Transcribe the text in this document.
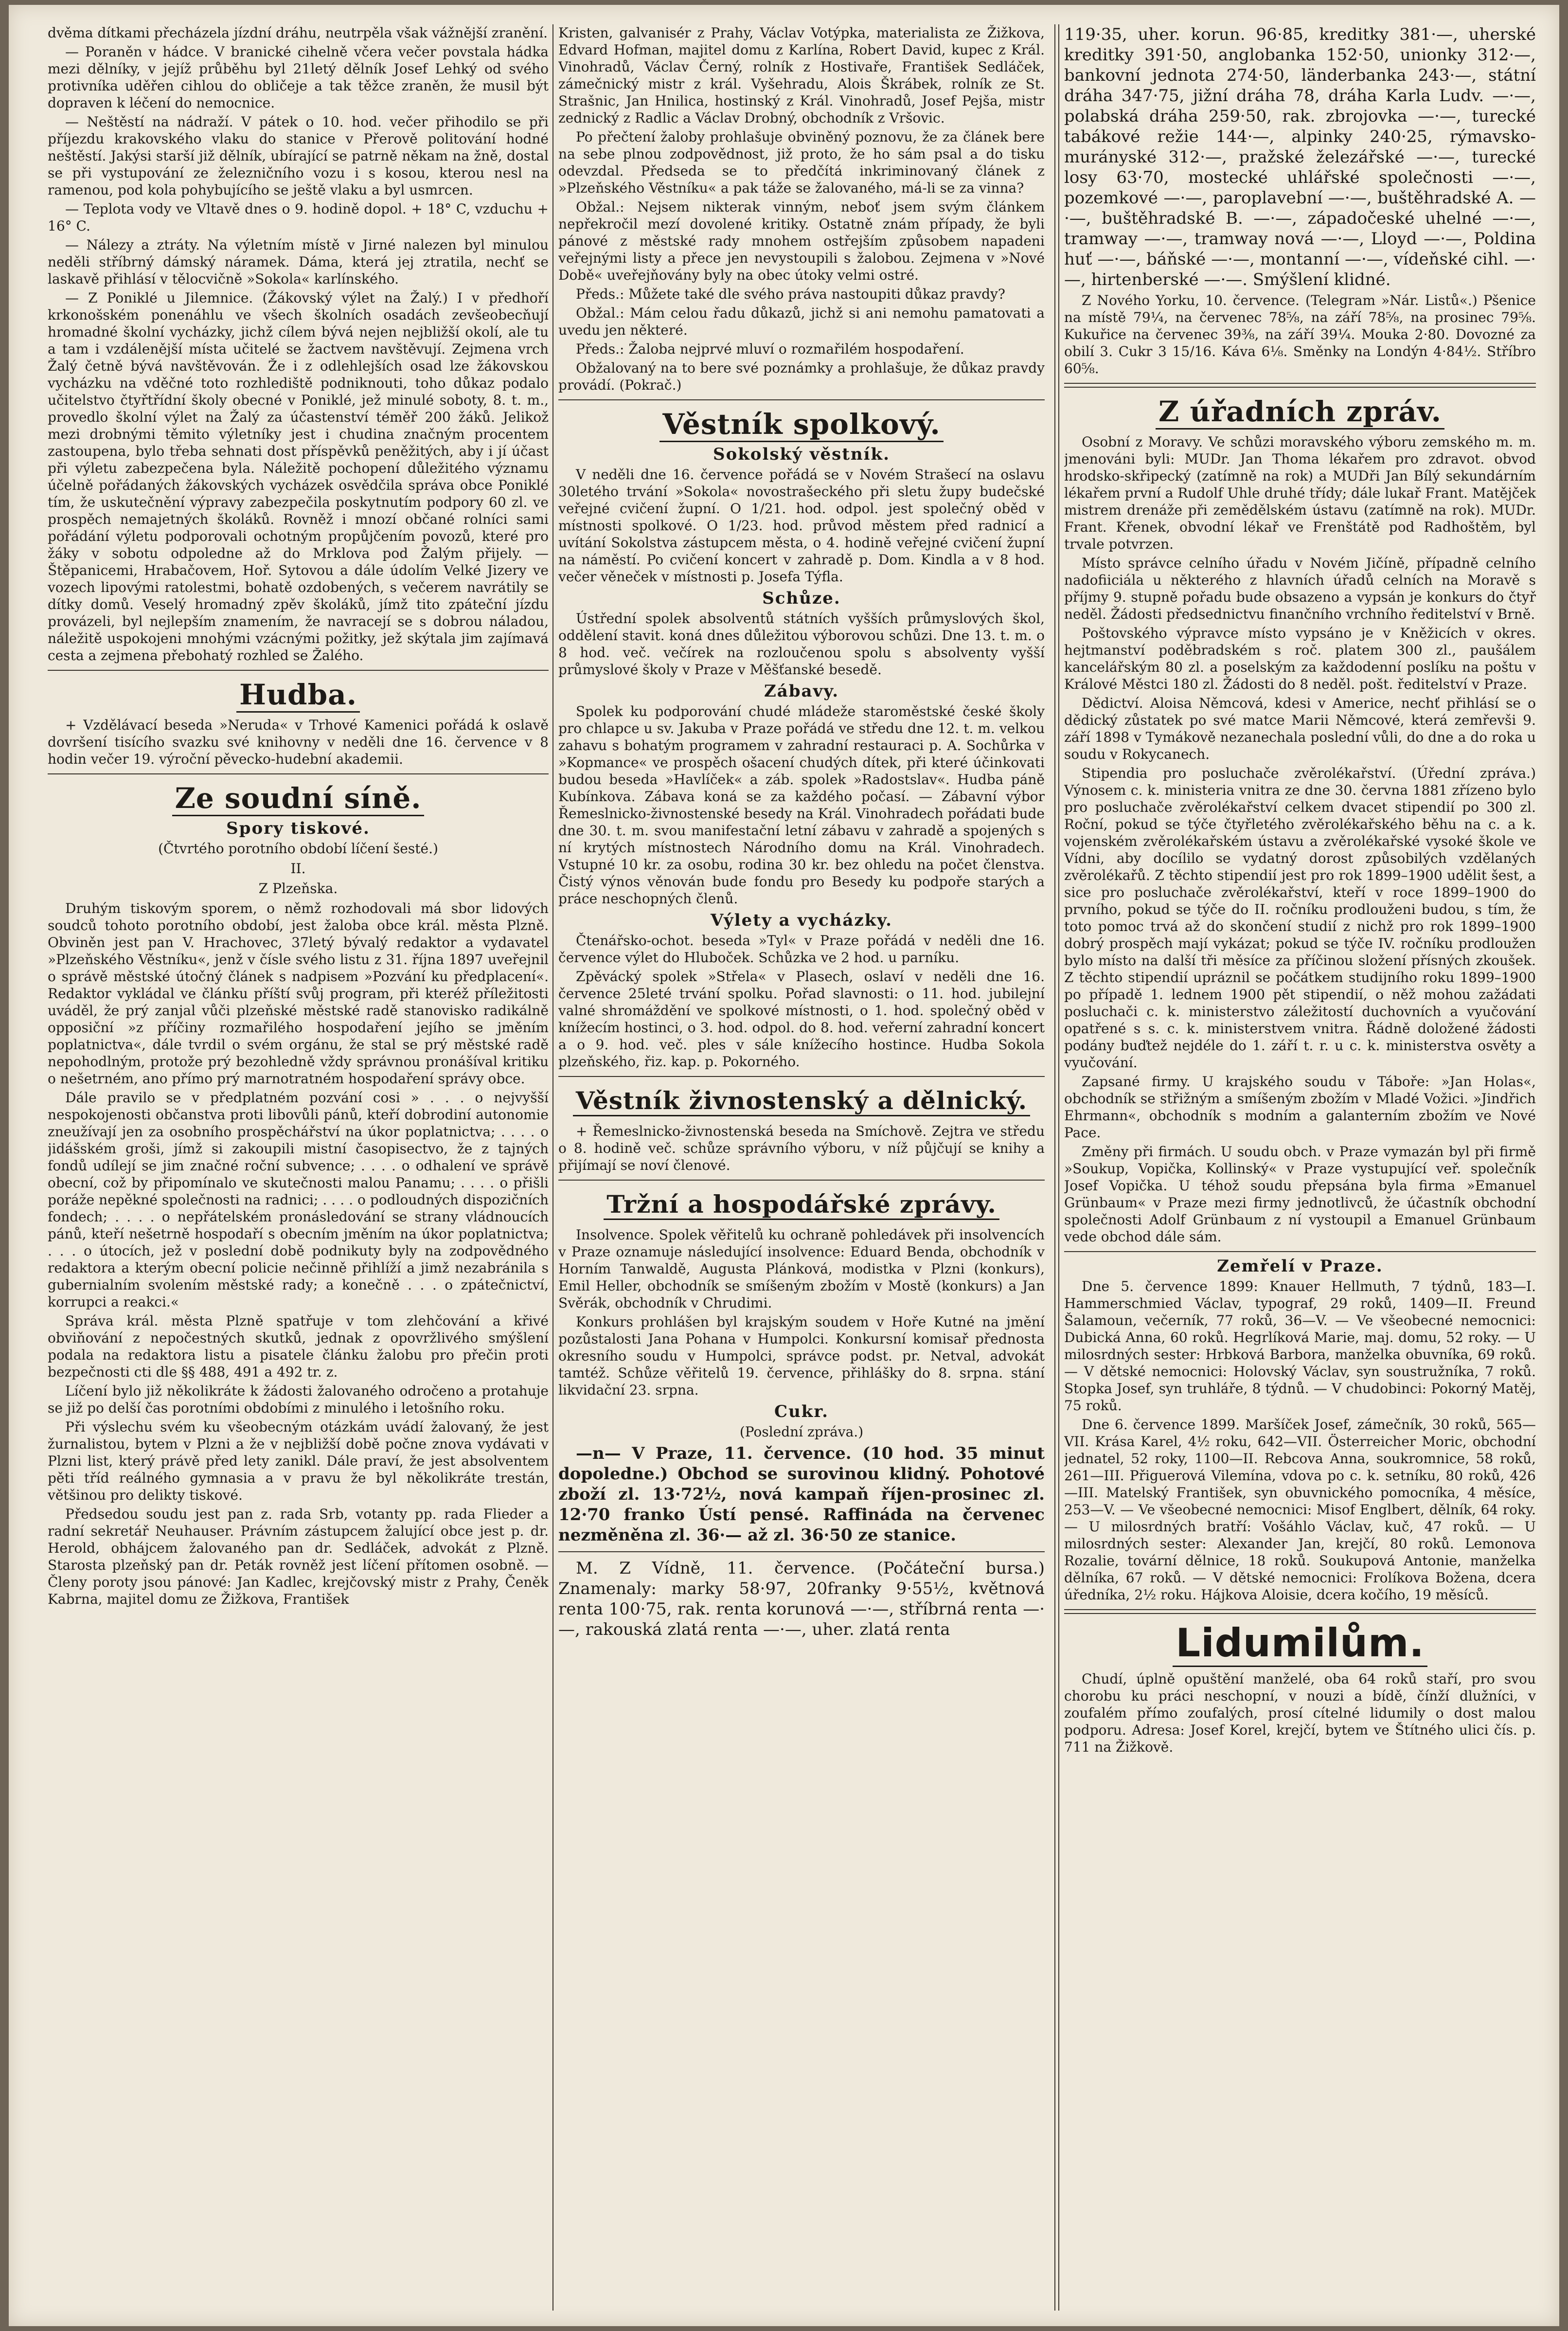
dvěma dítkami přecházela jízdní dráhu, neutrpěla však vážnější zranění.

— Poraněn v hádce. V branické cihelně včera večer povstala hádka mezi dělníky, v jejíž průběhu byl 21letý dělník Josef Lehký od svého protivníka uděřen cihlou do obličeje a tak těžce zraněn, že musil být dopraven k léčení do nemocnice.

— Neštěstí na nádraží. V pátek o 10. hod. večer přihodilo se při příjezdu krakovského vlaku do stanice v Přerově politování hodné neštěstí. Jakýsi starší již dělník, ubírající se patrně někam na žně, dostal se při vystupování ze železničního vozu i s kosou, kterou nesl na ramenou, pod kola pohybujícího se ještě vlaku a byl usmrcen.

— Teplota vody ve Vltavě dnes o 9. hodině dopol. + 18° C, vzduchu + 16° C.

— Nálezy a ztráty. Na výletním místě v Jirné nalezen byl minulou neděli stříbrný dámský náramek. Dáma, která jej ztratila, nechť se laskavě přihlásí v tělocvičně »Sokola« karlínského.

— Z Poniklé u Jilemnice. (Žákovský výlet na Žalý.) I v předhoří krkonošském ponenáhlu ve všech školních osadách zevšeobecňují hromadné školní vycházky, jichž cílem bývá nejen nejbližší okolí, ale tu a tam i vzdálenější místa učitelé se žactvem navštěvují. Zejmena vrch Žalý četně bývá navštěvován. Že i z odlehlejších osad lze žákovskou vycházku na vděčné toto rozhlediště podniknouti, toho důkaz podalo učitelstvo čtyřtřídní školy obecné v Poniklé, jež minulé soboty, 8. t. m., provedlo školní výlet na Žalý za účastenství téměř 200 žáků. Jelikož mezi drobnými těmito výletníky jest i chudina značným procentem zastoupena, bylo třeba sehnati dost příspěvků peněžitých, aby i jí účast při výletu zabezpečena byla. Náležitě pochopení důležitého významu účelně pořádaných žákovských vycházek osvědčila správa obce Poniklé tím, že uskutečnění výpravy zabezpečila poskytnutím podpory 60 zl. ve prospěch nemajetných školáků. Rovněž i mnozí občané rolníci sami pořádání výletu podporovali ochotným propůjčením povozů, které pro žáky v sobotu odpoledne až do Mrklova pod Žalým přijely. — Štěpanicemi, Hrabačovem, Hoř. Sytovou a dále údolím Velké Jizery ve vozech lipovými ratolestmi, bohatě ozdobených, s večerem navrátily se dítky domů. Veselý hromadný zpěv školáků, jímž tito zpáteční jízdu provázeli, byl nejlepším znamením, že navracejí se s dobrou náladou, náležitě uspokojeni mnohými vzácnými požitky, jež skýtala jim zajímavá cesta a zejmena přebohatý rozhled se Žalého.

Hudba.

+ Vzdělávací beseda »Neruda« v Trhové Kamenici pořádá k oslavě dovršení tisícího svazku své knihovny v neděli dne 16. července v 8 hodin večer 19. výroční pěvecko-hudební akademii.

Ze soudní síně.
Spory tiskové.
(Čtvrtého porotního období líčení šesté.)
II.
Z Plzeňska.

Druhým tiskovým sporem, o němž rozhodovali má sbor lidových soudců tohoto porotního období, jest žaloba obce král. města Plzně. Obviněn jest pan V. Hrachovec, 37letý bývalý redaktor a vydavatel »Plzeňského Věstníku«, jenž v čísle svého listu z 31. října 1897 uveřejnil o správě městské útočný článek s nadpisem »Pozvání ku předplacení«. Redaktor vykládal ve článku příští svůj program, při kteréž příležitosti uváděl, že prý zanjal vůči plzeňské městské radě stanovisko radikálně opposiční »z příčiny rozmařilého hospodaření jejího se jměním poplatnictva«, dále tvrdil o svém orgánu, že stal se prý městské radě nepohodlným, protože prý bezohledně vždy správnou pronášíval kritiku o nešetrném, ano přímo prý marnotratném hospodaření správy obce.

Dále pravilo se v předplatném pozvání cosi » . . . o nejvyšší nespokojenosti občanstva proti libovůli pánů, kteří dobrodiní autonomie zneužívají jen za osobního prospěchářství na úkor poplatnictva; . . . . o jidášském groši, jímž si zakoupili mistní časopisectvo, že z tajných fondů udílejí se jim značné roční subvence; . . . . o odhalení ve správě obecní, což by připomínalo ve skutečnosti malou Panamu; . . . . o přišli poráže nepěkné společnosti na radnici; . . . . o podloudných dispozičních fondech; . . . . o nepřátelském pronásledování se strany vládnoucích pánů, kteří nešetrně hospodaří s obecním jměním na úkor poplatnictva; . . . o útocích, jež v poslední době podnikuty byly na zodpovědného redaktora a kterým obecní policie nečinně přihlíží a jimž nezabránila s gubernialním svolením městské rady; a konečně . . . o zpátečnictví, korrupci a reakci.«

Správa král. města Plzně spatřuje v tom zlehčování a křivé obviňování z nepočestných skutků, jednak z opovržlivého smýšlení podala na redaktora listu a pisatele článku žalobu pro přečin proti bezpečnosti cti dle §§ 488, 491 a 492 tr. z.

Líčení bylo již několikráte k žádosti žalovaného odročeno a protahuje se již po delší čas porotními obdobími z minulého i letošního roku.

Při výslechu svém ku všeobecným otázkám uvádí žalovaný, že jest žurnalistou, bytem v Plzni a že v nejbližší době počne znova vydávati v Plzni list, který právě před lety zanikl. Dále praví, že jest absolventem pěti tříd reálného gymnasia a v pravu že byl několikráte trestán, většinou pro delikty tiskové.

Předsedou soudu jest pan z. rada Srb, votanty pp. rada Flieder a radní sekretář Neuhauser. Právním zástupcem žalující obce jest p. dr. Herold, obhájcem žalovaného pan dr. Sedláček, advokát z Plzně. Starosta plzeňský pan dr. Peták rovněž jest líčení přítomen osobně. — Členy poroty jsou pánové: Jan Kadlec, krejčovský mistr z Prahy, Čeněk Kabrna, majitel domu ze Žižkova, František

Kristen, galvanisér z Prahy, Václav Votýpka, materialista ze Žižkova, Edvard Hofman, majitel domu z Karlína, Robert David, kupec z Král. Vinohradů, Václav Černý, rolník z Hostivaře, František Sedláček, zámečnický mistr z král. Vyšehradu, Alois Škrábek, rolník ze St. Strašnic, Jan Hnilica, hostinský z Král. Vinohradů, Josef Pejša, mistr zednický z Radlic a Václav Drobný, obchodník z Vršovic.

Po přečtení žaloby prohlašuje obviněný poznovu, že za článek bere na sebe plnou zodpovědnost, již proto, že ho sám psal a do tisku odevzdal. Předseda se to předčítá inkriminovaný článek z »Plzeňského Věstníku« a pak táže se žalovaného, má-li se za vinna?

Obžal.: Nejsem nikterak vinným, neboť jsem svým článkem nepřekročil mezí dovolené kritiky. Ostatně znám případy, že byli pánové z městské rady mnohem ostřejším způsobem napadeni veřejnými listy a přece jen nevystoupili s žalobou. Zejmena v »Nové Době« uveřejňovány byly na obec útoky velmi ostré.

Předs.: Můžete také dle svého práva nastoupiti důkaz pravdy?

Obžal.: Mám celou řadu důkazů, jichž si ani nemohu pamatovati a uvedu jen některé.

Předs.: Žaloba nejprvé mluví o rozmařilém hospodaření.

Obžalovaný na to bere své poznámky a prohlašuje, že důkaz pravdy provádí. (Pokrač.)

Věstník spolkový.
Sokolský věstník.

V neděli dne 16. července pořádá se v Novém Strašecí na oslavu 30letého trvání »Sokola« novostrašeckého při sletu župy budečské veřejné cvičení župní. O 1/21. hod. odpol. jest společný oběd v místnosti spolkové. O 1/23. hod. průvod městem před radnicí a uvítání Sokolstva zástupcem města, o 4. hodině veřejné cvičení župní na náměstí. Po cvičení koncert v zahradě p. Dom. Kindla a v 8 hod. večer věneček v místnosti p. Josefa Týfla.

Schůze.

Ústřední spolek absolventů státních vyšších průmyslových škol, oddělení stavit. koná dnes důležitou výborovou schůzi. Dne 13. t. m. o 8 hod. več. večírek na rozloučenou spolu s absolventy vyšší průmyslové školy v Praze v Měšťanské besedě.

Zábavy.

Spolek ku podporování chudé mládeže staroměstské české školy pro chlapce u sv. Jakuba v Praze pořádá ve středu dne 12. t. m. velkou zahavu s bohatým programem v zahradní restauraci p. A. Sochůrka v »Kopmance« ve prospěch ošacení chudých dítek, při které účinkovati budou beseda »Havlíček« a záb. spolek »Radostslav«. Hudba páně Kubínkova. Zábava koná se za každého počasí. — Zábavní výbor Řemeslnicko-živnostenské besedy na Král. Vinohradech pořádati bude dne 30. t. m. svou manifestační letní zábavu v zahradě a spojených s ní krytých místnostech Národního domu na Král. Vinohradech. Vstupné 10 kr. za osobu, rodina 30 kr. bez ohledu na počet členstva. Čistý výnos věnován bude fondu pro Besedy ku podpoře starých a práce neschopných členů.

Výlety a vycházky.

Čtenářsko-ochot. beseda »Tyl« v Praze pořádá v neděli dne 16. července výlet do Hluboček. Schůzka ve 2 hod. u parníku.

Zpěvácký spolek »Střela« v Plasech, oslaví v neděli dne 16. července 25leté trvání spolku. Pořad slavnosti: o 11. hod. jubilejní valné shromáždění ve spolkové místnosti, o 1. hod. společný oběd v knížecím hostinci, o 3. hod. odpol. do 8. hod. veřerní zahradní koncert a o 9. hod. več. ples v sále knížecího hostince. Hudba Sokola plzeňského, řiz. kap. p. Pokorného.

Věstník živnostenský a dělnický.

+ Řemeslnicko-živnostenská beseda na Smíchově. Zejtra ve středu o 8. hodině več. schůze správního výboru, v níž půjčují se knihy a přijímají se noví členové.

Tržní a hospodářské zprávy.

Insolvence. Spolek věřitelů ku ochraně pohledávek při insolvencích v Praze oznamuje následující insolvence: Eduard Benda, obchodník v Horním Tanwaldě, Augusta Plánková, modistka v Plzni (konkurs), Emil Heller, obchodník se smíšeným zbožím v Mostě (konkurs) a Jan Svěrák, obchodník v Chrudimi.

Konkurs prohlášen byl krajským soudem v Hoře Kutné na jmění pozůstalosti Jana Pohana v Humpolci. Konkursní komisař přednosta okresního soudu v Humpolci, správce podst. pr. Netval, advokát tamtéž. Schůze věřitelů 19. července, přihlášky do 8. srpna. stání likvidační 23. srpna.

Cukr.
(Poslední zpráva.)

—n— V Praze, 11. července. (10 hod. 35 minut dopoledne.) Obchod se surovinou klidný. Pohotové zboží zl. 13·72½, nová kampaň říjen-prosinec zl. 12·70 franko Ústí pensé. Raffináda na červenec nezměněna zl. 36·— až zl. 36·50 ze stanice.

M. Z Vídně, 11. července. (Počáteční bursa.) Znamenaly: marky 58·97, 20franky 9·55½, květnová renta 100·75, rak. renta korunová —·—, stříbrná renta —·—, rakouská zlatá renta —·—, uher. zlatá renta

119·35, uher. korun. 96·85, kreditky 381·—, uherské kreditky 391·50, anglobanka 152·50, unionky 312·—, bankovní jednota 274·50, länderbanka 243·—, státní dráha 347·75, jižní dráha 78, dráha Karla Ludv. —·—, polabská dráha 259·50, rak. zbrojovka —·—, turecké tabákové režie 144·—, alpinky 240·25, rýmavsko-murányské 312·—, pražské železářské —·—, turecké losy 63·70, mostecké uhlářské společnosti —·—, pozemkové —·—, paroplavební —·—, buštěhradské A. —·—, buštěhradské B. —·—, západočeské uhelné —·—, tramway —·—, tramway nová —·—, Lloyd —·—, Poldina huť —·—, báňské —·—, montanní —·—, vídeňské cihl. —·—, hirtenberské —·—. Smýšlení klidné.

Z Nového Yorku, 10. července. (Telegram »Nár. Listů«.) Pšenice na místě 79¼, na červenec 78⅝, na září 78⅝, na prosinec 79⅝. Kukuřice na červenec 39⅜, na září 39¼. Mouka 2·80. Dovozné za obilí 3. Cukr 3 15/16. Káva 6⅛. Směnky na Londýn 4·84½. Stříbro 60⅝.

Z úřadních zpráv.

Osobní z Moravy. Ve schůzi moravského výboru zemského m. m. jmenováni byli: MUDr. Jan Thoma lékařem pro zdravot. obvod hrodsko-skřipecký (zatímně na rok) a MUDři Jan Bílý sekundárním lékařem první a Rudolf Uhle druhé třídy; dále lukař Frant. Matějček mistrem drenáže při zemědělském ústavu (zatímně na rok). MUDr. Frant. Křenek, obvodní lékař ve Frenštátě pod Radhoštěm, byl trvale potvrzen.

Místo správce celního úřadu v Novém Jičíně, případně celního nadofiiciála u některého z hlavních úřadů celních na Moravě s příjmy 9. stupně pořadu bude obsazeno a vypsán je konkurs do čtyř neděl. Žádosti předsednictvu finančního vrchního ředitelství v Brně.

Poštovského výpravce místo vypsáno je v Kněžicích v okres. hejtmanství poděbradském s roč. platem 300 zl., paušálem kancelářským 80 zl. a poselským za každodenní poslíku na poštu v Králové Městci 180 zl. Žádosti do 8 neděl. pošt. ředitelství v Praze.

Dědictví. Aloisa Němcová, kdesi v Americe, nechť přihlásí se o dědický zůstatek po své matce Marii Němcové, která zemřevši 9. září 1898 v Tymákově nezanechala poslední vůli, do dne a do roka u soudu v Rokycanech.

Stipendia pro posluchače zvěrolékařství. (Úřední zpráva.) Výnosem c. k. ministeria vnitra ze dne 30. června 1881 zřízeno bylo pro posluchače zvěrolékařství celkem dvacet stipendií po 300 zl. Roční, pokud se týče čtyřletého zvěrolékařského běhu na c. a k. vojenském zvěrolékařském ústavu a zvěrolékařské vysoké škole ve Vídni, aby docílilo se vydatný dorost způsobilých vzdělaných zvěrolékařů. Z těchto stipendií jest pro rok 1899–1900 udělit šest, a sice pro posluchače zvěrolékařství, kteří v roce 1899–1900 do prvního, pokud se týče do II. ročníku prodlouženi budou, s tím, že toto pomoc trvá až do skončení studií z nichž pro rok 1899–1900 dobrý prospěch mají vykázat; pokud se týče IV. ročníku prodloužen bylo místo na další tři měsíce za příčinou složení přísných zkoušek. Z těchto stipendií upráznil se počátkem studijního roku 1899–1900 po případě 1. lednem 1900 pět stipendií, o něž mohou zažádati posluchači c. k. ministerstvo záležitostí duchovních a vyučování opatřené s s. c. k. ministerstvem vnitra. Řádně doložené žádosti podány buďtež nejdéle do 1. září t. r. u c. k. ministerstva osvěty a vyučování.

Zapsané firmy. U krajského soudu v Táboře: »Jan Holas«, obchodník se střižným a smíšeným zbožím v Mladé Vožici. »Jindřich Ehrmann«, obchodník s modním a galanterním zbožím ve Nové Pace.

Změny při firmách. U soudu obch. v Praze vymazán byl při firmě »Soukup, Vopička, Kollinský« v Praze vystupující veř. společník Josef Vopička. U téhož soudu přepsána byla firma »Emanuel Grünbaum« v Praze mezi firmy jednotlivců, že účastník obchodní společnosti Adolf Grünbaum z ní vystoupil a Emanuel Grünbaum vede obchod dále sám.

Zemřelí v Praze.

Dne 5. července 1899: Knauer Hellmuth, 7 týdnů, 183—I. Hammerschmied Václav, typograf, 29 roků, 1409—II. Freund Šalamoun, večerník, 77 roků, 36—V. — Ve všeobecné nemocnici: Dubická Anna, 60 roků. Hegrlíková Marie, maj. domu, 52 roky. — U milosrdných sester: Hrbková Barbora, manželka obuvníka, 69 roků. — V dětské nemocnici: Holovský Václav, syn soustružníka, 7 roků. Stopka Josef, syn truhláře, 8 týdnů. — V chudobinci: Pokorný Matěj, 75 roků.

Dne 6. července 1899. Maršíček Josef, zámečník, 30 roků, 565—VII. Krása Karel, 4½ roku, 642—VII. Österreicher Moric, obchodní jednatel, 52 roky, 1100—II. Rebcova Anna, soukromnice, 58 roků, 261—III. Přiguerová Vilemína, vdova po c. k. setníku, 80 roků, 426—III. Matelský František, syn obuvnického pomocníka, 4 měsíce, 253—V. — Ve všeobecné nemocnici: Misof Englbert, dělník, 64 roky. — U milosrdných bratří: Vošáhlo Václav, kuč, 47 roků. — U milosrdných sester: Alexander Jan, krejčí, 80 roků. Lemonova Rozalie, tovární dělnice, 18 roků. Soukupová Antonie, manželka dělníka, 67 roků. — V dětské nemocnici: Frolíkova Božena, dcera úředníka, 2½ roku. Hájkova Aloisie, dcera kočího, 19 měsíců.

Lidumilům.

Chudí, úplně opuštění manželé, oba 64 roků staří, pro svou chorobu ku práci neschopní, v nouzi a bídě, čínží dlužníci, v zoufalém přímo zoufalých, prosí cítelné lidumily o dost malou podporu. Adresa: Josef Korel, krejčí, bytem ve Štítného ulici čís. p. 711 na Žižkově.
